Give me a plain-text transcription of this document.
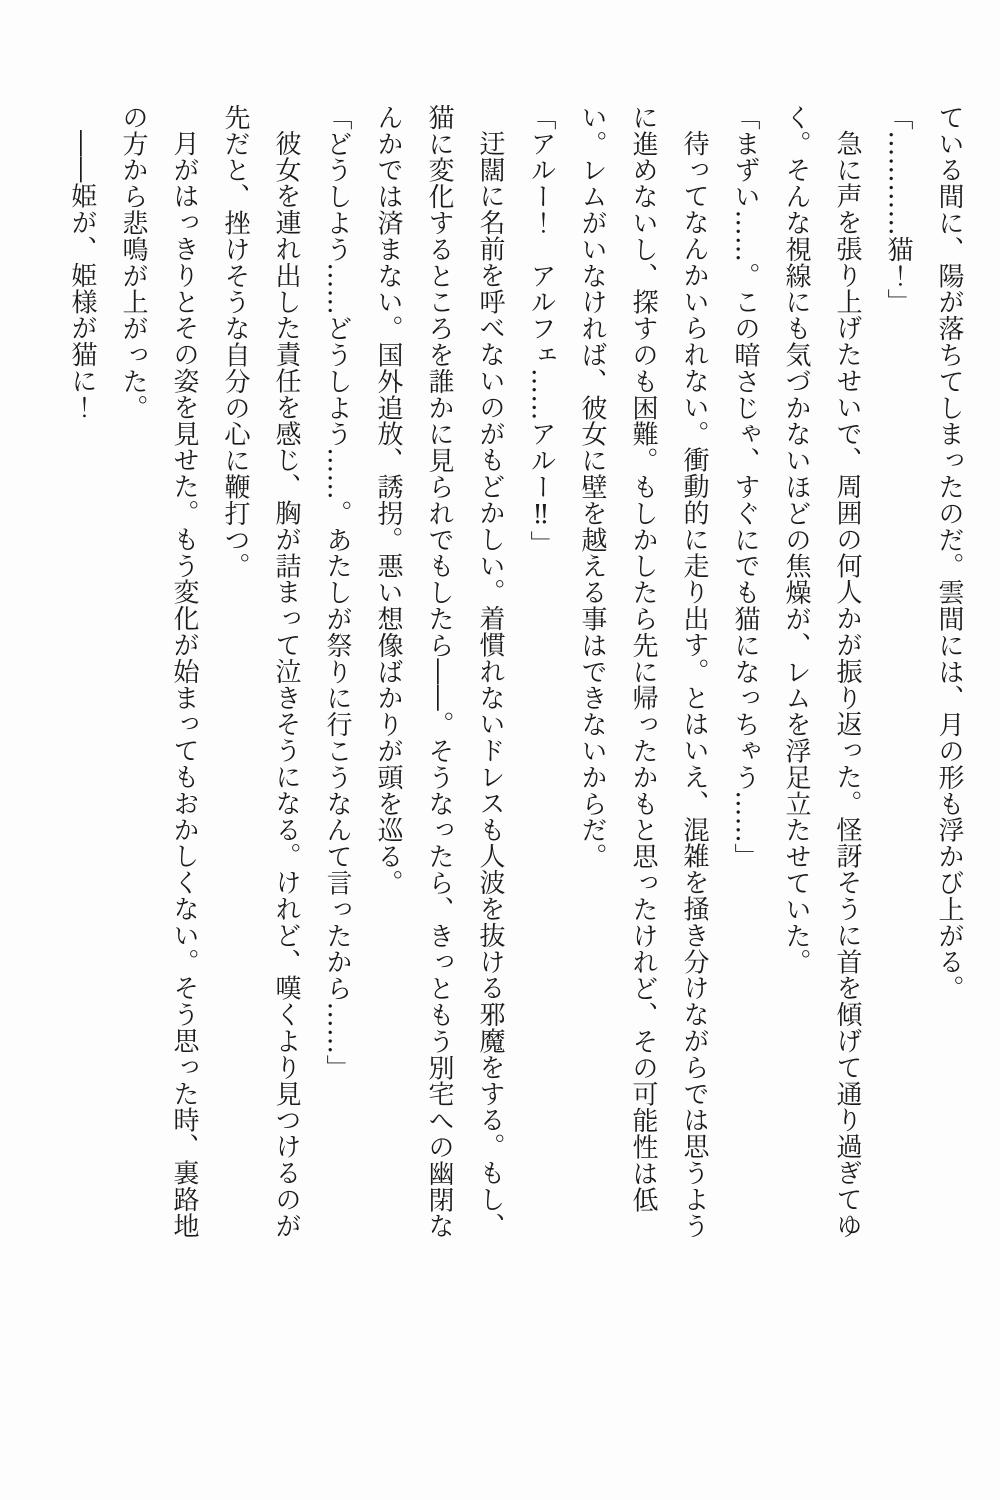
ている間に、陽が落ちてしまったのだ。雲間には、月の形も浮かび上がる。
「…………猫！」
急に声を張り上げたせいで、周囲の何人かが振り返った。怪訝そうに首を傾げて通り過ぎてゆ
く。そんな視線にも気づかないほどの焦燥が、レムを浮足立たせていた。
「まずい……。この暗さじゃ、すぐにでも猫になっちゃう……」
待ってなんかいられない。衝動的に走り出す。とはいえ、混雑を掻き分けながらでは思うよう
に進めないし、探すのも困難。もしかしたら先に帰ったかもと思ったけれど、その可能性は低
い。レムがいなければ、彼女に壁を越える事はできないからだ。
「アルー！　アルフェ……アルー‼」
迂闊に名前を呼べないのがもどかしい。着慣れないドレスも人波を抜ける邪魔をする。もし、
猫に変化するところを誰かに見られでもしたら――。そうなったら、きっともう別宅への幽閉な
んかでは済まない。国外追放、誘拐。悪い想像ばかりが頭を巡る。
「どうしよう……どうしよう……。あたしが祭りに行こうなんて言ったから……」
彼女を連れ出した責任を感じ、胸が詰まって泣きそうになる。けれど、嘆くより見つけるのが
先だと、挫けそうな自分の心に鞭打つ。
月がはっきりとその姿を見せた。もう変化が始まってもおかしくない。そう思った時、裏路地
の方から悲鳴が上がった。
――姫が、姫様が猫に！
